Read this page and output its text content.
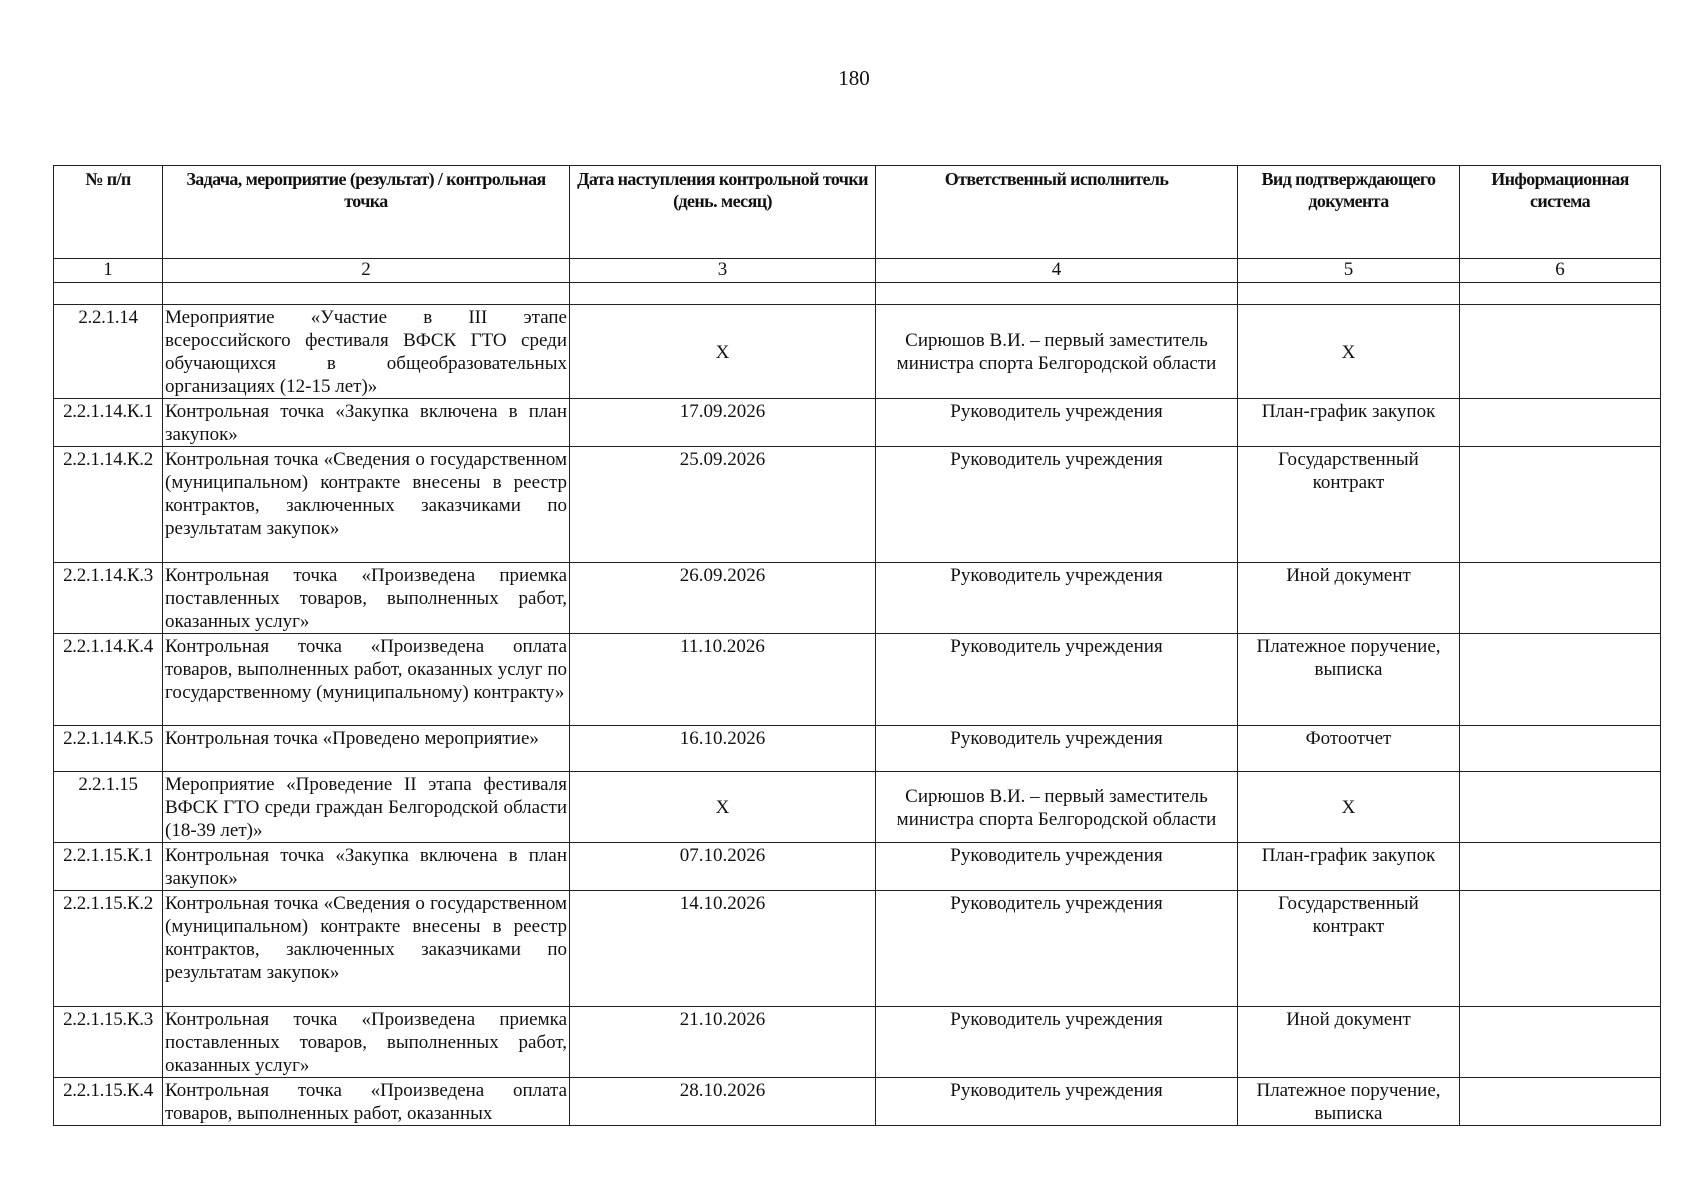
180
№ п/п	Задача, мероприятие (результат) / контрольная точка	Дата наступления контрольной точки (день. месяц)	Ответственный исполнитель	Вид подтверждающего документа	Информационная система
1	2	3	4	5	6

2.2.1.14	Мероприятие «Участие в III этапе всероссийского фестиваля ВФСК ГТО среди обучающихся в общеобразовательных организациях (12-15 лет)»	X	Сирюшов В.И. – первый заместитель министра спорта Белгородской области	X	
2.2.1.14.К.1	Контрольная точка «Закупка включена в план закупок»	17.09.2026	Руководитель учреждения	План-график закупок	
2.2.1.14.К.2	Контрольная точка «Сведения о государственном (муниципальном) контракте внесены в реестр контрактов, заключенных заказчиками по результатам закупок»	25.09.2026	Руководитель учреждения	Государственный контракт	
2.2.1.14.К.3	Контрольная точка «Произведена приемка поставленных товаров, выполненных работ, оказанных услуг»	26.09.2026	Руководитель учреждения	Иной документ	
2.2.1.14.К.4	Контрольная точка «Произведена оплата товаров, выполненных работ, оказанных услуг по государственному (муниципальному) контракту»	11.10.2026	Руководитель учреждения	Платежное поручение, выписка	
2.2.1.14.К.5	Контрольная точка «Проведено мероприятие»	16.10.2026	Руководитель учреждения	Фотоотчет	
2.2.1.15	Мероприятие «Проведение II этапа фестиваля ВФСК ГТО среди граждан Белгородской области (18-39 лет)»	X	Сирюшов В.И. – первый заместитель министра спорта Белгородской области	X	
2.2.1.15.К.1	Контрольная точка «Закупка включена в план закупок»	07.10.2026	Руководитель учреждения	План-график закупок	
2.2.1.15.К.2	Контрольная точка «Сведения о государственном (муниципальном) контракте внесены в реестр контрактов, заключенных заказчиками по результатам закупок»	14.10.2026	Руководитель учреждения	Государственный контракт	
2.2.1.15.К.3	Контрольная точка «Произведена приемка поставленных товаров, выполненных работ, оказанных услуг»	21.10.2026	Руководитель учреждения	Иной документ	
2.2.1.15.К.4	Контрольная точка «Произведена оплата товаров, выполненных работ, оказанных	28.10.2026	Руководитель учреждения	Платежное поручение, выписка	
